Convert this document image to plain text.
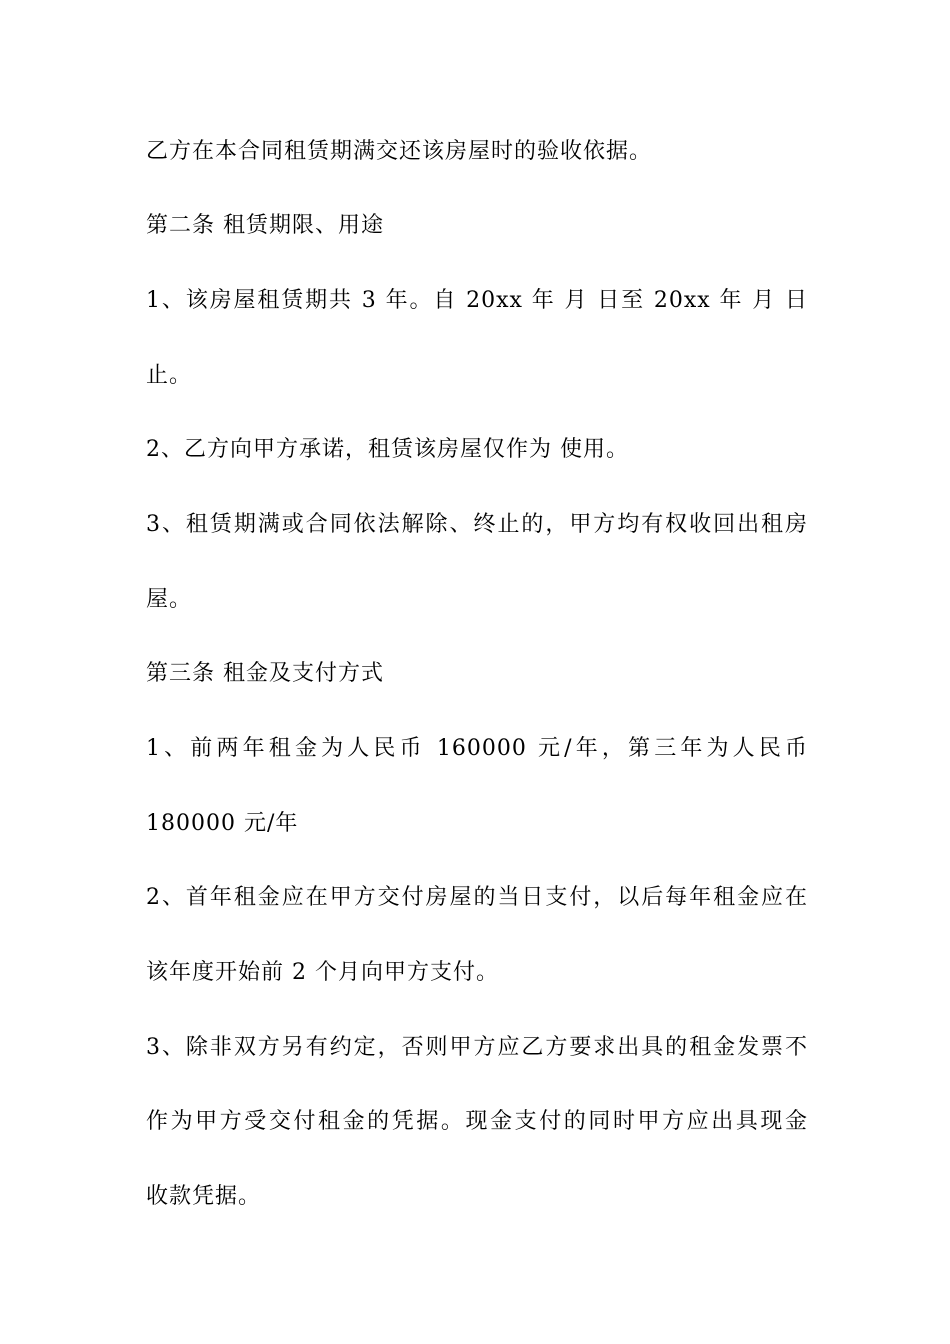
乙方在本合同租赁期满交还该房屋时的验收依据。
第二条 租赁期限、用途
1、该房屋租赁期共 3 年。自 20xx 年 月 日至 20xx 年 月 日
止。
2、乙方向甲方承诺，租赁该房屋仅作为 使用。
3、租赁期满或合同依法解除、终止的，甲方均有权收回出租房
屋。
第三条 租金及支付方式
1、前两年租金为人民币 160000 元/年，第三年为人民币
180000 元/年
2、首年租金应在甲方交付房屋的当日支付，以后每年租金应在
该年度开始前 2 个月向甲方支付。
3、除非双方另有约定，否则甲方应乙方要求出具的租金发票不
作为甲方受交付租金的凭据。现金支付的同时甲方应出具现金
收款凭据。
